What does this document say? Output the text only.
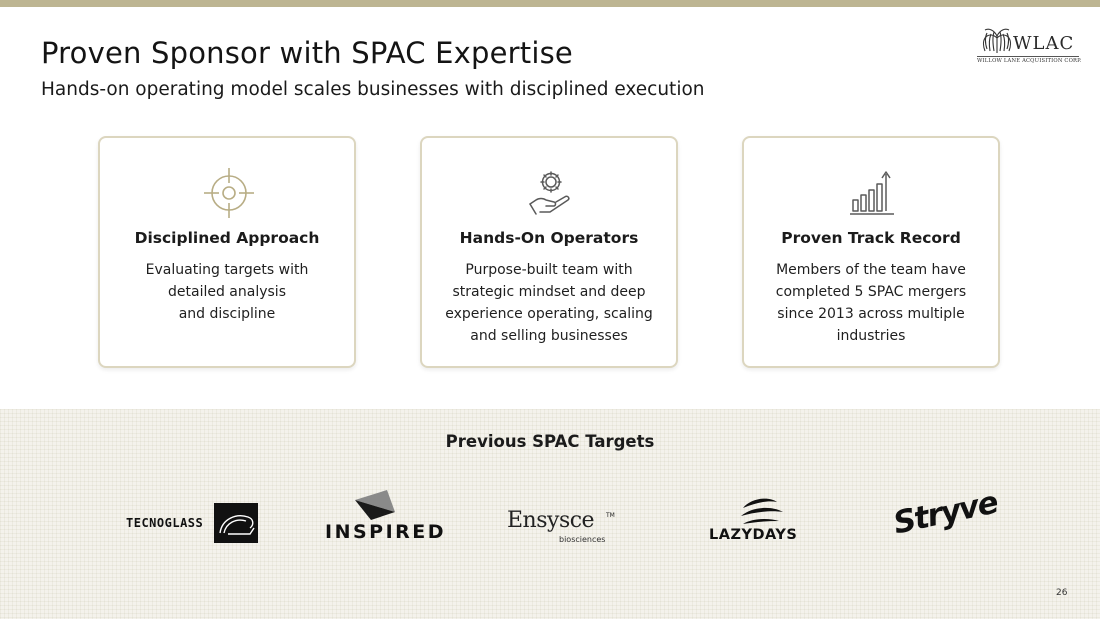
Proven Sponsor with SPAC Expertise
Hands-on operating model scales businesses with disciplined execution
WLAC
WILLOW LANE ACQUISITION CORP.
Disciplined Approach
Evaluating targets with
detailed analysis
and discipline
Hands-On Operators
Purpose-built team with
strategic mindset and deep
experience operating, scaling
and selling businesses
Proven Track Record
Members of the team have
completed 5 SPAC mergers
since 2013 across multiple
industries
Previous SPAC Targets
TECNOGLASS	INSPIRED	Ensysce TM
biosciences	LAZYDAYS	Stryve
26
